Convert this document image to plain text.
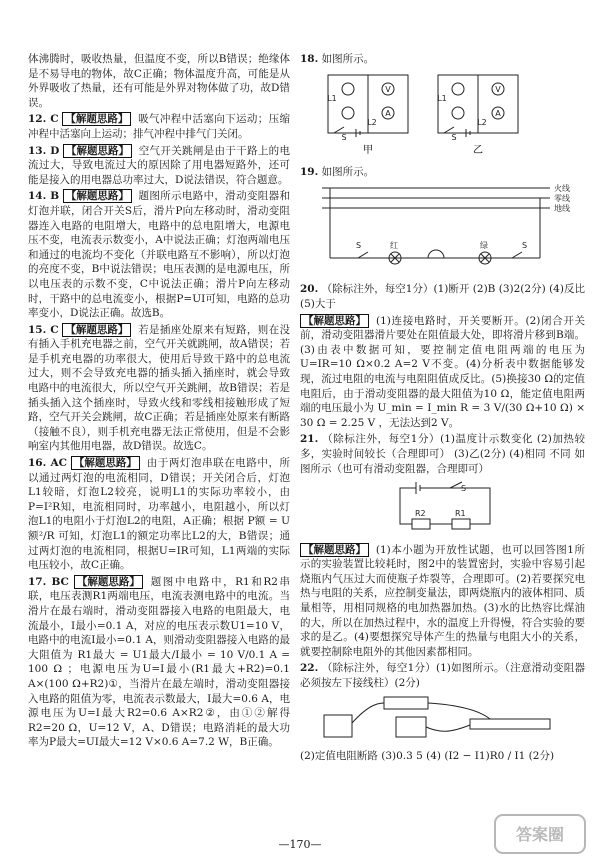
体沸腾时，吸收热量，但温度不变，所以B错误；绝缘体是不易导电的物体，故C正确；物体温度升高，可能是从外界吸收了热量，还有可能是外界对物体做了功，故D错误。

12. C 【解题思路】 吸气冲程中活塞向下运动；压缩冲程中活塞向上运动；排气冲程中排气门关闭。

13. D 【解题思路】 空气开关跳闸是由于干路上的电流过大，导致电流过大的原因除了用电器短路外，还可能是接入的用电器总功率过大，D说法错误，符合题意。

14. B 【解题思路】 题图所示电路中，滑动变阻器和灯泡并联，闭合开关S后，滑片P向左移动时，滑动变阻器连入电路的电阻增大，电路中的总电阻增大，电源电压不变，电流表示数变小，A中说法正确；灯泡两端电压和通过的电流均不变化（并联电路互不影响），所以灯泡的亮度不变，B中说法错误；电压表测的是电源电压，所以电压表的示数不变，C中说法正确；滑片P向左移动时，干路中的总电流变小，根据P=UI可知，电路的总功率变小，D说法正确。故选B。

15. C 【解题思路】 若是插座处原来有短路，则在没有插入手机充电器之前，空气开关就跳闸，故A错误；若是手机充电器的功率很大，使用后导致干路中的总电流过大，则不会导致充电器的插头插入插座时，就会导致电路中的电流很大，所以空气开关跳闸，故B错误；若是插头插入这个插座时，导致火线和零线相接触形成了短路，空气开关会跳闸，故C正确；若是插座处原来有断路（接触不良），则手机充电器无法正常使用，但是不会影响室内其他用电器，故D错误。故选C。

16. AC 【解题思路】 由于两灯泡串联在电路中，所以通过两灯泡的电流相同，D错误；开关闭合后，灯泡L1较暗，灯泡L2较亮，说明L1的实际功率较小，由P=I²R知，电流相同时，功率越小，电阻越小，所以灯泡L1的电阻小于灯泡L2的电阻，A正确；根据 P额 = U额²/R 可知，灯泡L1的额定功率比L2的大，B错误；通过两灯泡的电流相同，根据U=IR可知，L1两端的实际电压较小，故C正确。

17. BC 【解题思路】 题图中电路中，R1和R2串联，电压表测R1两端电压，电流表测电路中的电流。当滑片在最右端时，滑动变阻器接入电路的电阻最大，电流最小，I最小=0.1 A，对应的电压表示数U1=10 V，电路中的电流I最小=0.1 A，则滑动变阻器接入电路的最大阻值为 R1最大 = U1最大/I最小 = 10 V/0.1 A = 100 Ω ；电源电压为U=I最小(R1最大+R2)=0.1 A×(100 Ω+R2)①，当滑片在最左端时，滑动变阻器接入电路的阻值为零，电流表示数最大，I最大=0.6 A，电源电压为U=I最大R2=0.6 A×R2②，由①②解得R2=20 Ω，U=12 V，A、D错误；电路消耗的最大功率为P最大=UI最大=12 V×0.6 A=7.2 W，B正确。

18. 如图所示。

V
A
V
A
L1
L2
L1
L2
S	S
甲	乙

19. 如图所示。

火线
零线
地线
S	红	绿	S

20. （除标注外，每空1分）(1)断开 (2)B (3)2(2分) (4)反比 (5)大于

【解题思路】 (1)连接电路时，开关要断开。(2)闭合开关前，滑动变阻器滑片要处在阻值最大处，即将滑片移到B端。(3)由表中数据可知，要控制定值电阻两端的电压为U=IR=10 Ω×0.2 A=2 V不变。(4)分析表中数据能够发现，流过电阻的电流与电阻阻值成反比。(5)换接30 Ω的定值电阻后，由于滑动变阻器的最大阻值为10 Ω，能定值电阻两端的电压最小为 U_min = I_min R = 3 V/(30 Ω+10 Ω) × 30 Ω = 2.25 V ，无法达到2 V。

21. （除标注外，每空1分）(1)温度计示数变化 (2)加热较多，实验时间较长（合理即可） (3)乙(2分) (4)相同 不同 如图所示（也可有滑动变阻器，合理即可）

S
R2	R1

【解题思路】 (1)本小题为开放性试题，也可以回答图1所示的实验装置比较耗时，图2中的装置密封，实验中容易引起烧瓶内气压过大而使瓶子炸裂等，合理即可。(2)若要探究电热与电阻的关系，应控制变量法，即两烧瓶内的液体相同、质量相等，用相同规格的电加热器加热。(3)水的比热容比煤油的大，所以在加热过程中，水的温度上升得慢，符合实验的要求的是乙。(4)要想探究导体产生的热量与电阻大小的关系，就要控制除电阻外的其他因素都相同。

22. （除标注外，每空1分）(1)如图所示。（注意滑动变阻器必须按左下接线柱）(2分)

(2)定值电阻断路 (3)0.3 5 (4) (I2 − I1)R0 / I1 (2分)

—170—
答案圈
